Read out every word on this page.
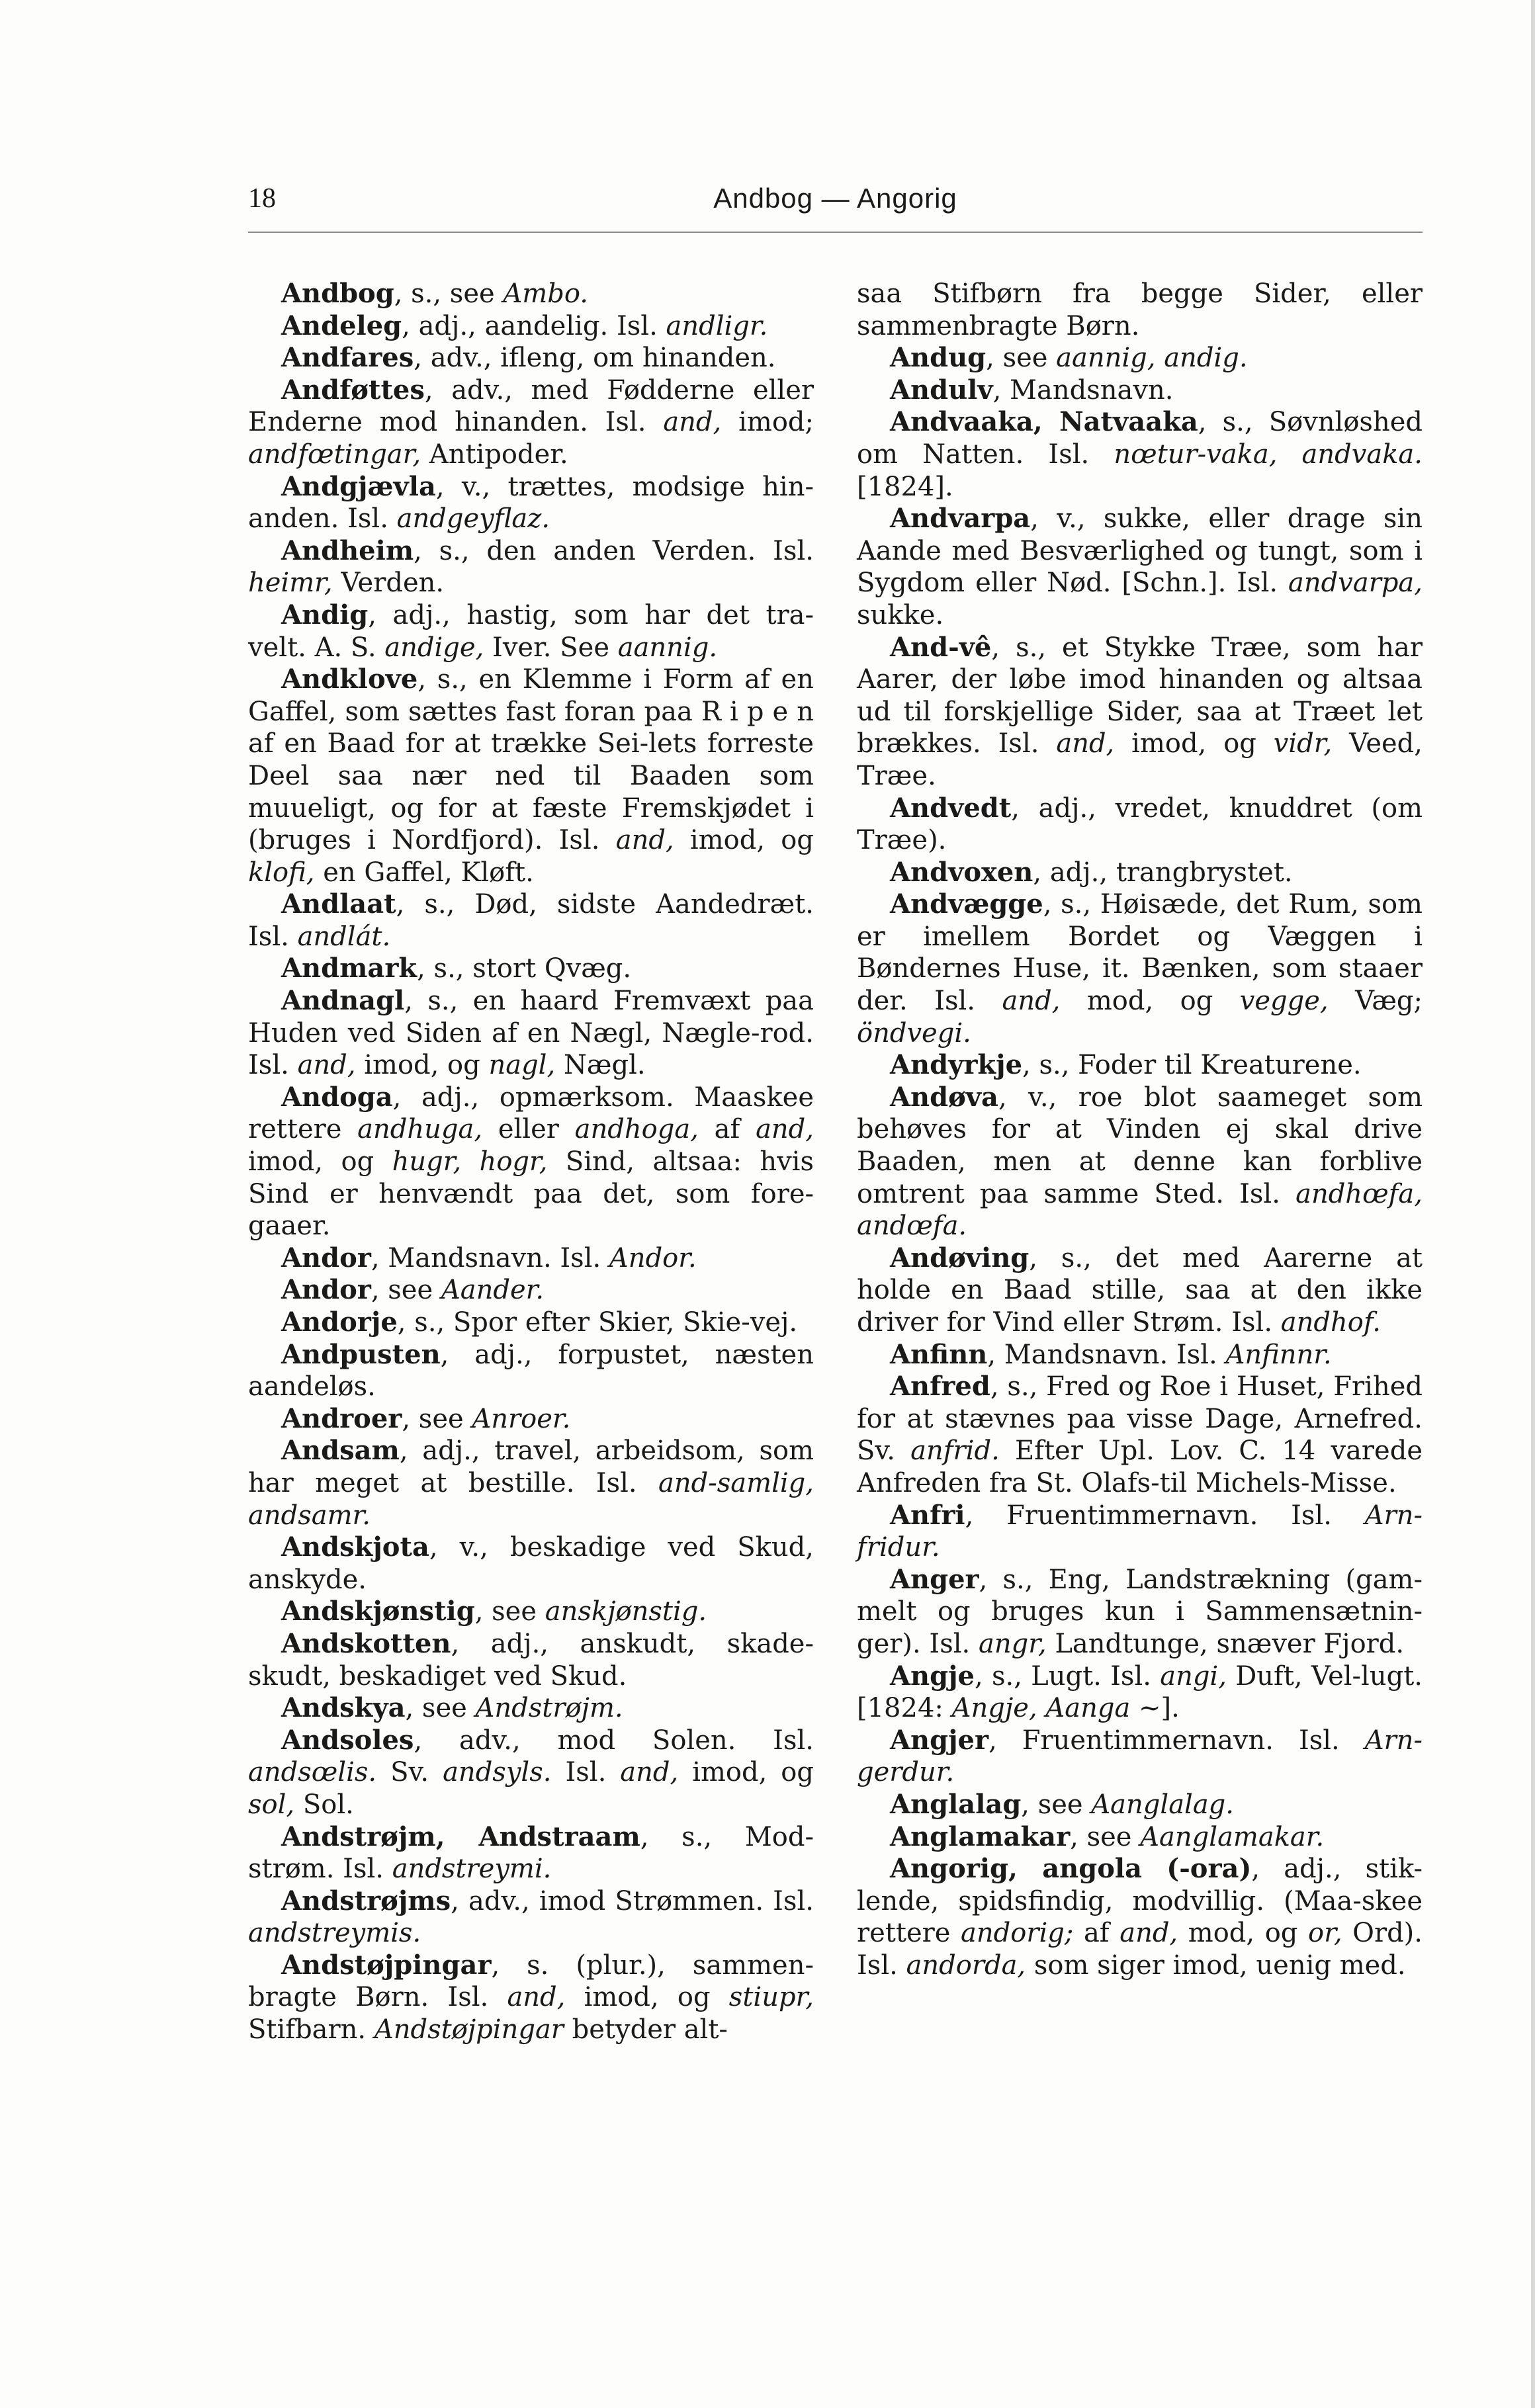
18	Andbog — Angorig

Andbog, s., see Ambo.

Andeleg, adj., aandelig. Isl. andligr.

Andfares, adv., ifleng, om hinanden.

Andføttes, adv., med Fødderne eller Enderne mod hinanden. Isl. and, imod; andfœtingar, Antipoder.

Andgjævla, v., trættes, modsige hin-anden. Isl. andgeyflaz.

Andheim, s., den anden Verden. Isl. heimr, Verden.

Andig, adj., hastig, som har det tra-velt. A. S. andige, Iver. See aannig.

Andklove, s., en Klemme i Form af en Gaffel, som sættes fast foran paa R i p e n af en Baad for at trække Sei-lets forreste Deel saa nær ned til Baaden som muueligt, og for at fæste Fremskjødet i (bruges i Nordfjord). Isl. and, imod, og klofi, en Gaffel, Kløft.

Andlaat, s., Død, sidste Aandedræt. Isl. andlát.

Andmark, s., stort Qvæg.

Andnagl, s., en haard Fremvæxt paa Huden ved Siden af en Nægl, Nægle-rod. Isl. and, imod, og nagl, Nægl.

Andoga, adj., opmærksom. Maaskee rettere andhuga, eller andhoga, af and, imod, og hugr, hogr, Sind, altsaa: hvis Sind er henvændt paa det, som fore-gaaer.

Andor, Mandsnavn. Isl. Andor.

Andor, see Aander.

Andorje, s., Spor efter Skier, Skie-vej.

Andpusten, adj., forpustet, næsten aandeløs.

Androer, see Anroer.

Andsam, adj., travel, arbeidsom, som har meget at bestille. Isl. and-samlig, andsamr.

Andskjota, v., beskadige ved Skud, anskyde.

Andskjønstig, see anskjønstig.

Andskotten, adj., anskudt, skade-skudt, beskadiget ved Skud.

Andskya, see Andstrøjm.

Andsoles, adv., mod Solen. Isl. andsœlis. Sv. andsyls. Isl. and, imod, og sol, Sol.

Andstrøjm, Andstraam, s., Mod-strøm. Isl. andstreymi.

Andstrøjms, adv., imod Strømmen. Isl. andstreymis.

Andstøjpingar, s. (plur.), sammen-bragte Børn. Isl. and, imod, og stiupr, Stifbarn. Andstøjpingar betyder alt-

saa Stifbørn fra begge Sider, eller sammenbragte Børn.

Andug, see aannig, andig.

Andulv, Mandsnavn.

Andvaaka, Natvaaka, s., Søvnløshed om Natten. Isl. nœtur-vaka, andvaka. [1824].

Andvarpa, v., sukke, eller drage sin Aande med Besværlighed og tungt, som i Sygdom eller Nød. [Schn.]. Isl. andvarpa, sukke.

And-vê, s., et Stykke Træe, som har Aarer, der løbe imod hinanden og altsaa ud til forskjellige Sider, saa at Træet let brækkes. Isl. and, imod, og vidr, Veed, Træe.

Andvedt, adj., vredet, knuddret (om Træe).

Andvoxen, adj., trangbrystet.

Andvægge, s., Høisæde, det Rum, som er imellem Bordet og Væggen i Bøndernes Huse, it. Bænken, som staaer der. Isl. and, mod, og vegge, Væg; öndvegi.

Andyrkje, s., Foder til Kreaturene.

Andøva, v., roe blot saameget som behøves for at Vinden ej skal drive Baaden, men at denne kan forblive omtrent paa samme Sted. Isl. andhœfa, andœfa.

Andøving, s., det med Aarerne at holde en Baad stille, saa at den ikke driver for Vind eller Strøm. Isl. andhof.

Anfinn, Mandsnavn. Isl. Anfinnr.

Anfred, s., Fred og Roe i Huset, Frihed for at stævnes paa visse Dage, Arnefred. Sv. anfrid. Efter Upl. Lov. C. 14 varede Anfreden fra St. Olafs-til Michels-Misse.

Anfri, Fruentimmernavn. Isl. Arn-fridur.

Anger, s., Eng, Landstrækning (gam-melt og bruges kun i Sammensætnin-ger). Isl. angr, Landtunge, snæver Fjord.

Angje, s., Lugt. Isl. angi, Duft, Vel-lugt. [1824: Angje, Aanga ~].

Angjer, Fruentimmernavn. Isl. Arn-gerdur.

Anglalag, see Aanglalag.

Anglamakar, see Aanglamakar.

Angorig, angola (-ora), adj., stik-lende, spidsfindig, modvillig. (Maa-skee rettere andorig; af and, mod, og or, Ord). Isl. andorda, som siger imod, uenig med.
